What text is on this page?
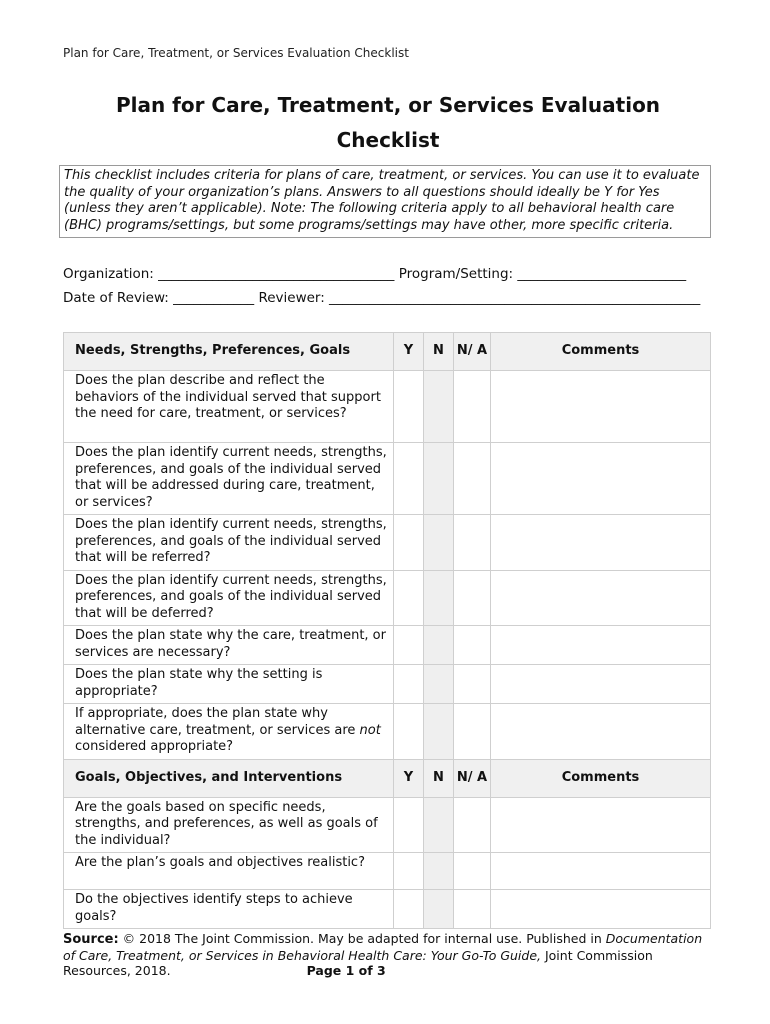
Plan for Care, Treatment, or Services Evaluation Checklist
Plan for Care, Treatment, or Services Evaluation
Checklist
This checklist includes criteria for plans of care, treatment, or services. You can use it to evaluate the quality of your organization’s plans. Answers to all questions should ideally be Y for Yes (unless they aren’t applicable). Note: The following criteria apply to all behavioral health care (BHC) programs/settings, but some programs/settings may have other, more specific criteria.
Organization: ___________________________________ Program/Setting: _________________________
Date of Review: ____________ Reviewer: _______________________________________________________
Needs, Strengths, Preferences, Goals	Y	N	N/ A	Comments
Does the plan describe and reflect the behaviors of the individual served that support the need for care, treatment, or services?				
Does the plan identify current needs, strengths, preferences, and goals of the individual served that will be addressed during care, treatment, or services?				
Does the plan identify current needs, strengths, preferences, and goals of the individual served that will be referred?				
Does the plan identify current needs, strengths, preferences, and goals of the individual served that will be deferred?				
Does the plan state why the care, treatment, or services are necessary?				
Does the plan state why the setting is appropriate?				
If appropriate, does the plan state why alternative care, treatment, or services are not considered appropriate?				
Goals, Objectives, and Interventions	Y	N	N/ A	Comments
Are the goals based on specific needs, strengths, and preferences, as well as goals of the individual?				
Are the plan’s goals and objectives realistic?				
Do the objectives identify steps to achieve goals?				
Source: © 2018 The Joint Commission. May be adapted for internal use. Published in Documentation of Care, Treatment, or Services in Behavioral Health Care: Your Go-To Guide, Joint Commission Resources, 2018.	Page 1 of 3
